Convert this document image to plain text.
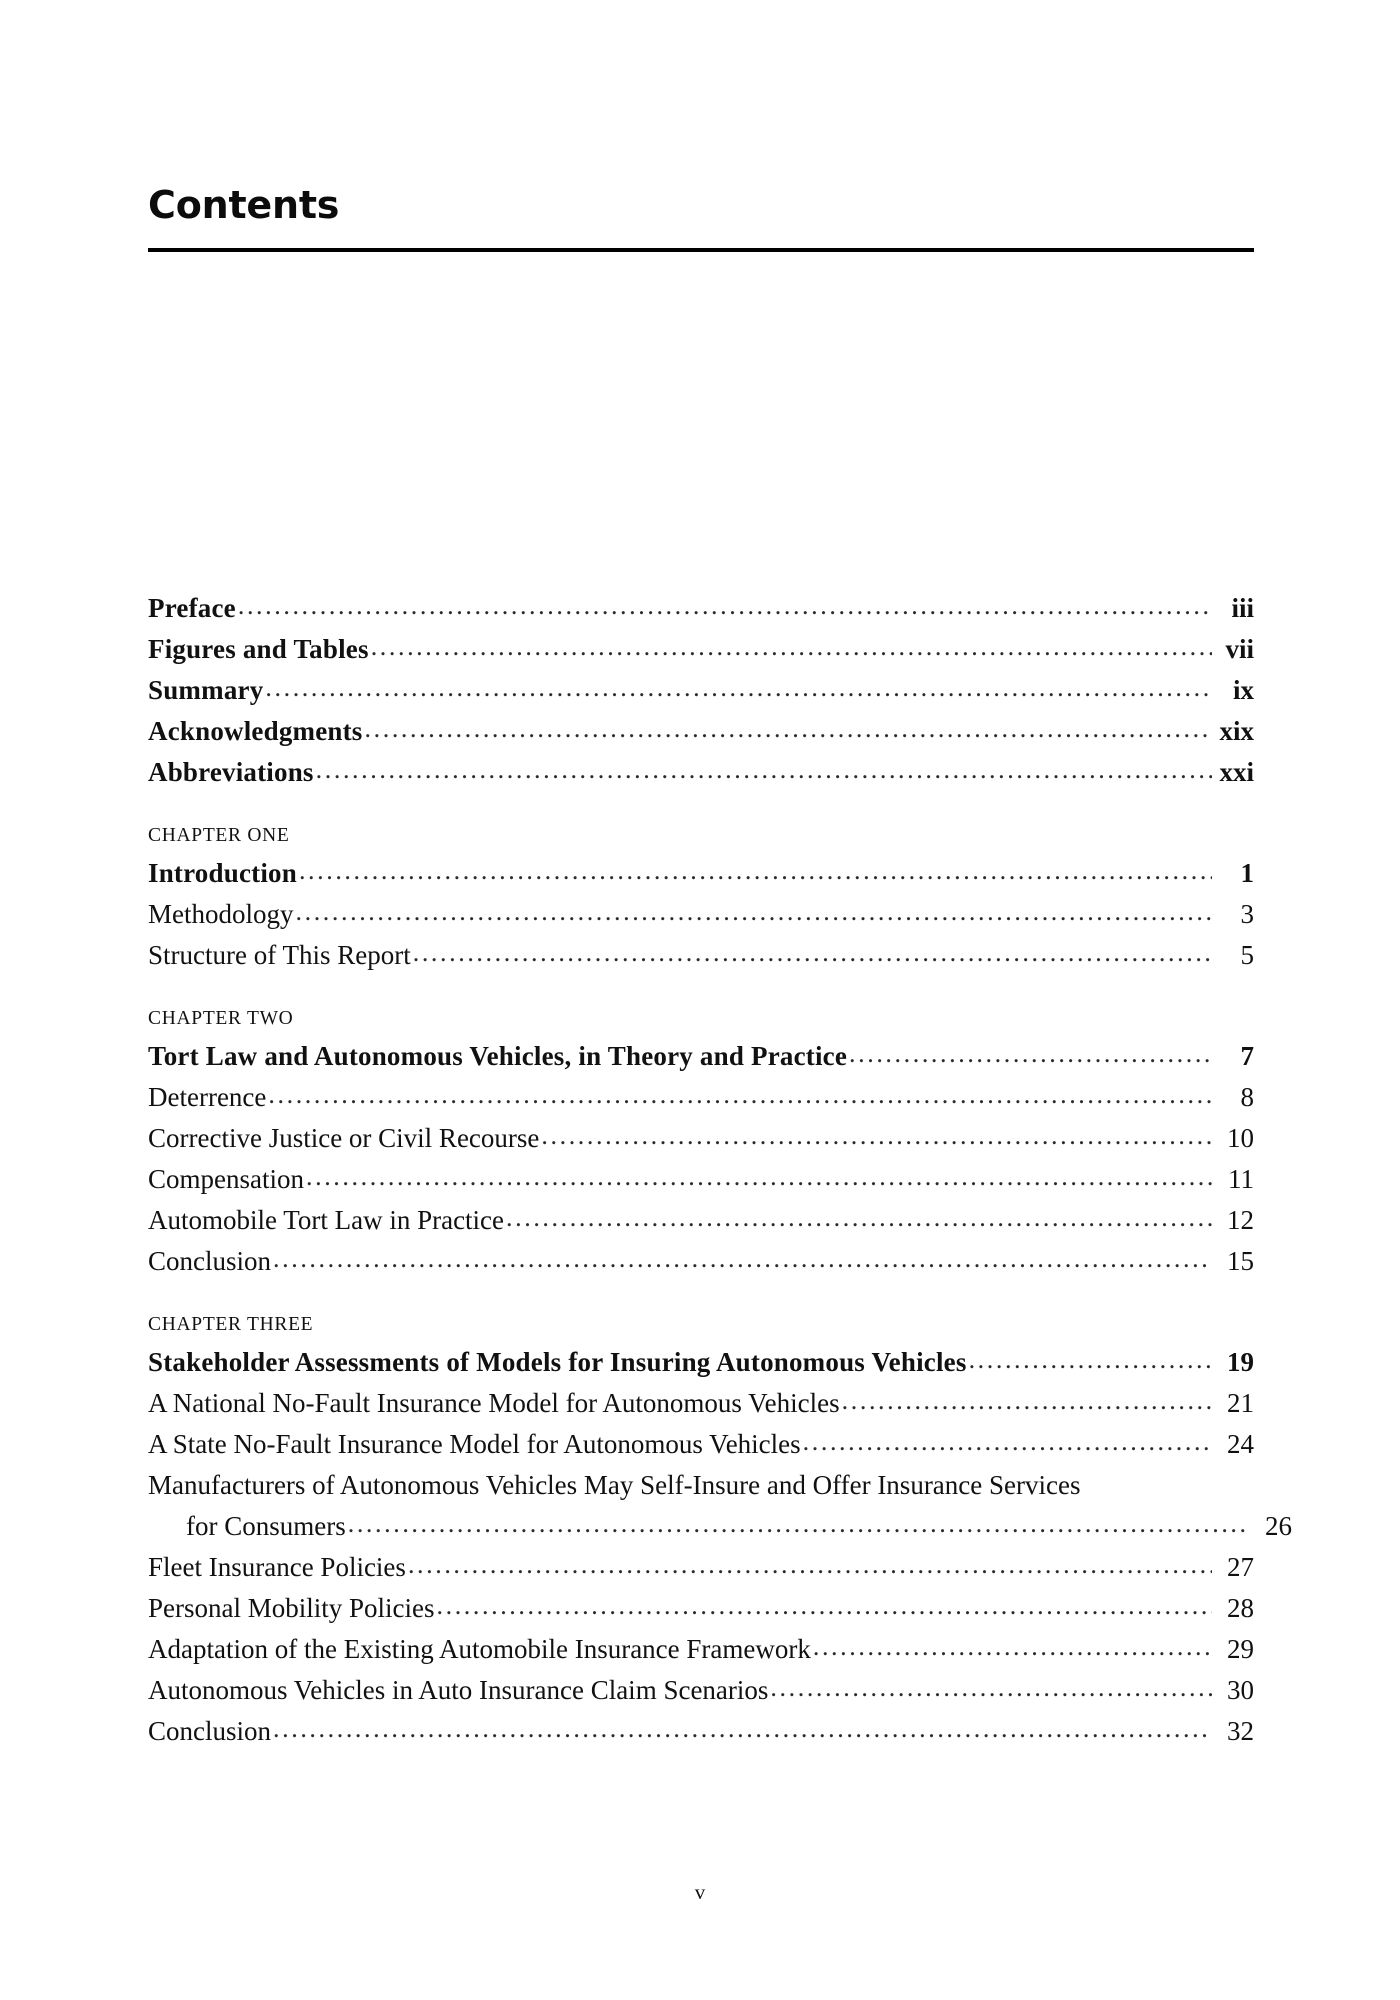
Contents
Preface .....	iii
Figures and Tables .....	vii
Summary .....	ix
Acknowledgments .....	xix
Abbreviations .....	xxi
CHAPTER ONE
Introduction .....	1
Methodology .....	3
Structure of This Report .....	5
CHAPTER TWO
Tort Law and Autonomous Vehicles, in Theory and Practice .....	7
Deterrence .....	8
Corrective Justice or Civil Recourse .....	10
Compensation .....	11
Automobile Tort Law in Practice .....	12
Conclusion .....	15
CHAPTER THREE
Stakeholder Assessments of Models for Insuring Autonomous Vehicles .....	19
A National No-Fault Insurance Model for Autonomous Vehicles .....	21
A State No-Fault Insurance Model for Autonomous Vehicles .....	24
Manufacturers of Autonomous Vehicles May Self-Insure and Offer Insurance Services
for Consumers .....	26
Fleet Insurance Policies .....	27
Personal Mobility Policies .....	28
Adaptation of the Existing Automobile Insurance Framework .....	29
Autonomous Vehicles in Auto Insurance Claim Scenarios .....	30
Conclusion .....	32
v
